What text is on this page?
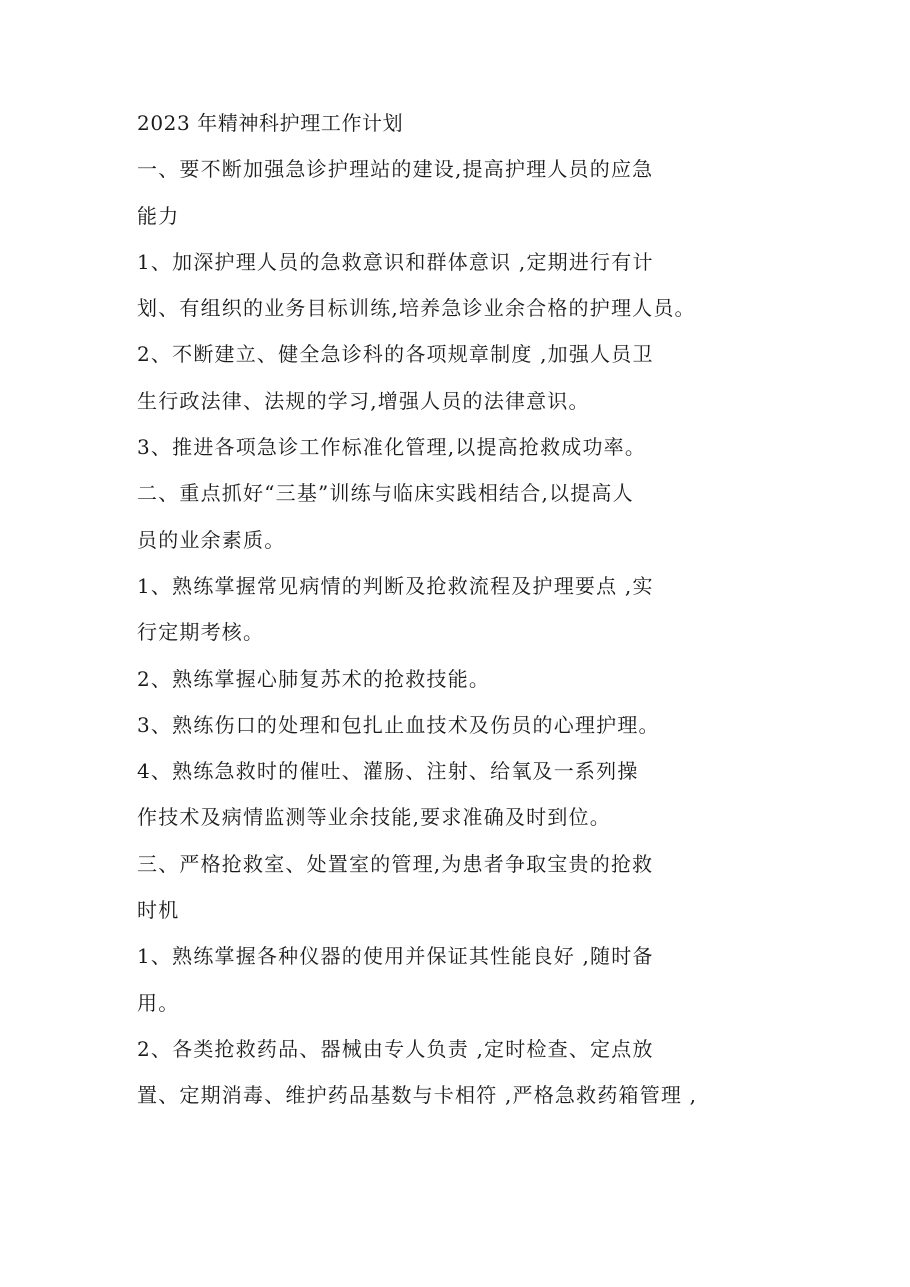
2023 年精神科护理工作计划
一、要不断加强急诊护理站的建设,提高护理人员的应急
能力
1、加深护理人员的急救意识和群体意识 ,定期进行有计
划、有组织的业务目标训练,培养急诊业余合格的护理人员。
2、不断建立、健全急诊科的各项规章制度 ,加强人员卫
生行政法律、法规的学习,增强人员的法律意识。
3、推进各项急诊工作标准化管理,以提高抢救成功率。
二、重点抓好“三基”训练与临床实践相结合,以提高人
员的业余素质。
1、熟练掌握常见病情的判断及抢救流程及护理要点 ,实
行定期考核。
2、熟练掌握心肺复苏术的抢救技能。
3、熟练伤口的处理和包扎止血技术及伤员的心理护理。
4、熟练急救时的催吐、灌肠、注射、给氧及一系列操
作技术及病情监测等业余技能,要求准确及时到位。
三、严格抢救室、处置室的管理,为患者争取宝贵的抢救
时机
1、熟练掌握各种仪器的使用并保证其性能良好 ,随时备
用。
2、各类抢救药品、器械由专人负责 ,定时检查、定点放
置、定期消毒、维护药品基数与卡相符 ,严格急救药箱管理 ,
